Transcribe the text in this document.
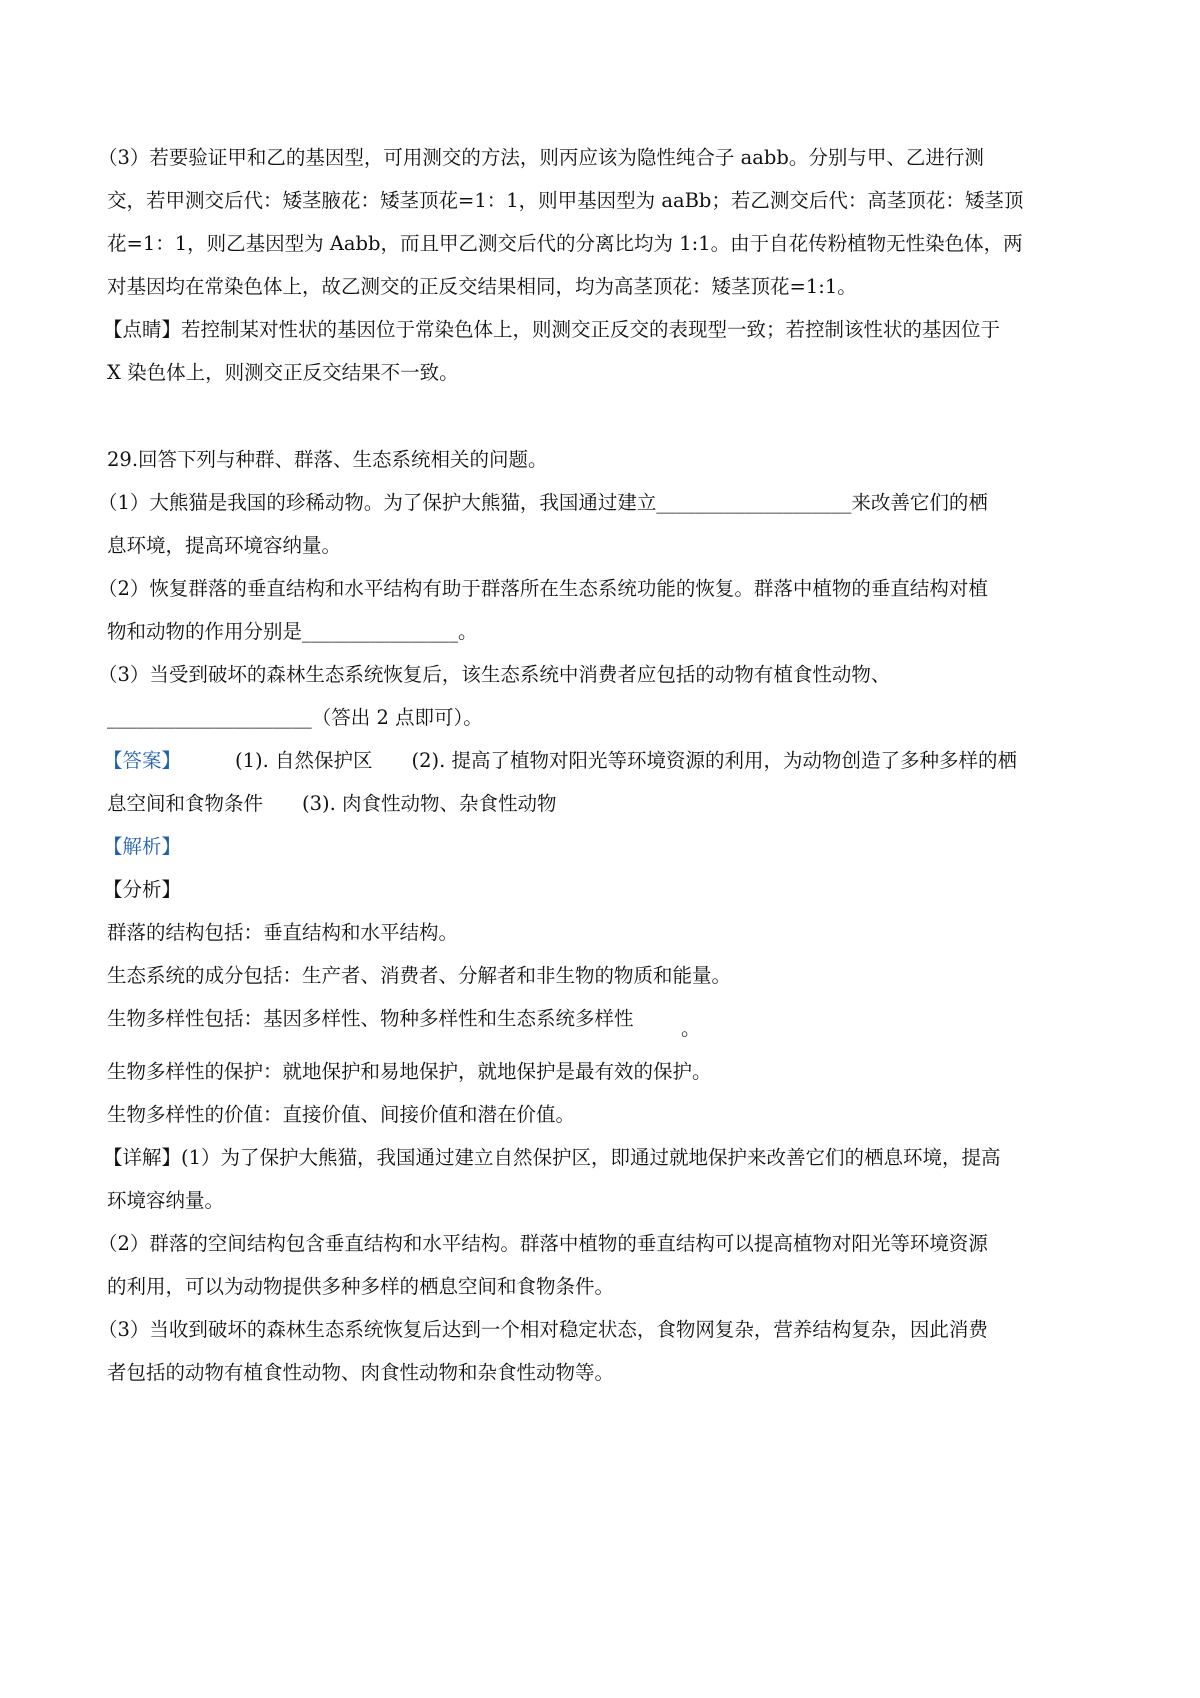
（3）若要验证甲和乙的基因型，可用测交的方法，则丙应该为隐性纯合子 aabb。分别与甲、乙进行测
交，若甲测交后代：矮茎腋花：矮茎顶花=1：1，则甲基因型为 aaBb；若乙测交后代：高茎顶花：矮茎顶
花=1：1，则乙基因型为 Aabb，而且甲乙测交后代的分离比均为 1:1。由于自花传粉植物无性染色体，两
对基因均在常染色体上，故乙测交的正反交结果相同，均为高茎顶花：矮茎顶花=1:1。
【点睛】若控制某对性状的基因位于常染色体上，则测交正反交的表现型一致；若控制该性状的基因位于
X 染色体上，则测交正反交结果不一致。
29.回答下列与种群、群落、生态系统相关的问题。
（1）大熊猫是我国的珍稀动物。为了保护大熊猫，我国通过建立____________________来改善它们的栖
息环境，提高环境容纳量。
（2）恢复群落的垂直结构和水平结构有助于群落所在生态系统功能的恢复。群落中植物的垂直结构对植
物和动物的作用分别是________________。
（3）当受到破坏的森林生态系统恢复后，该生态系统中消费者应包括的动物有植食性动物、
_____________________（答出 2 点即可）。
【答案】	(1). 自然保护区　　(2). 提高了植物对阳光等环境资源的利用，为动物创造了多种多样的栖
息空间和食物条件　　(3). 肉食性动物、杂食性动物
【解析】
【分析】
群落的结构包括：垂直结构和水平结构。
生态系统的成分包括：生产者、消费者、分解者和非生物的物质和能量。
生物多样性包括：基因多样性、物种多样性和生态系统多样性	。
生物多样性的保护：就地保护和易地保护，就地保护是最有效的保护。
生物多样性的价值：直接价值、间接价值和潜在价值。
【详解】(1）为了保护大熊猫，我国通过建立自然保护区，即通过就地保护来改善它们的栖息环境，提高
环境容纳量。
（2）群落的空间结构包含垂直结构和水平结构。群落中植物的垂直结构可以提高植物对阳光等环境资源
的利用，可以为动物提供多种多样的栖息空间和食物条件。
（3）当收到破坏的森林生态系统恢复后达到一个相对稳定状态，食物网复杂，营养结构复杂，因此消费
者包括的动物有植食性动物、肉食性动物和杂食性动物等。
